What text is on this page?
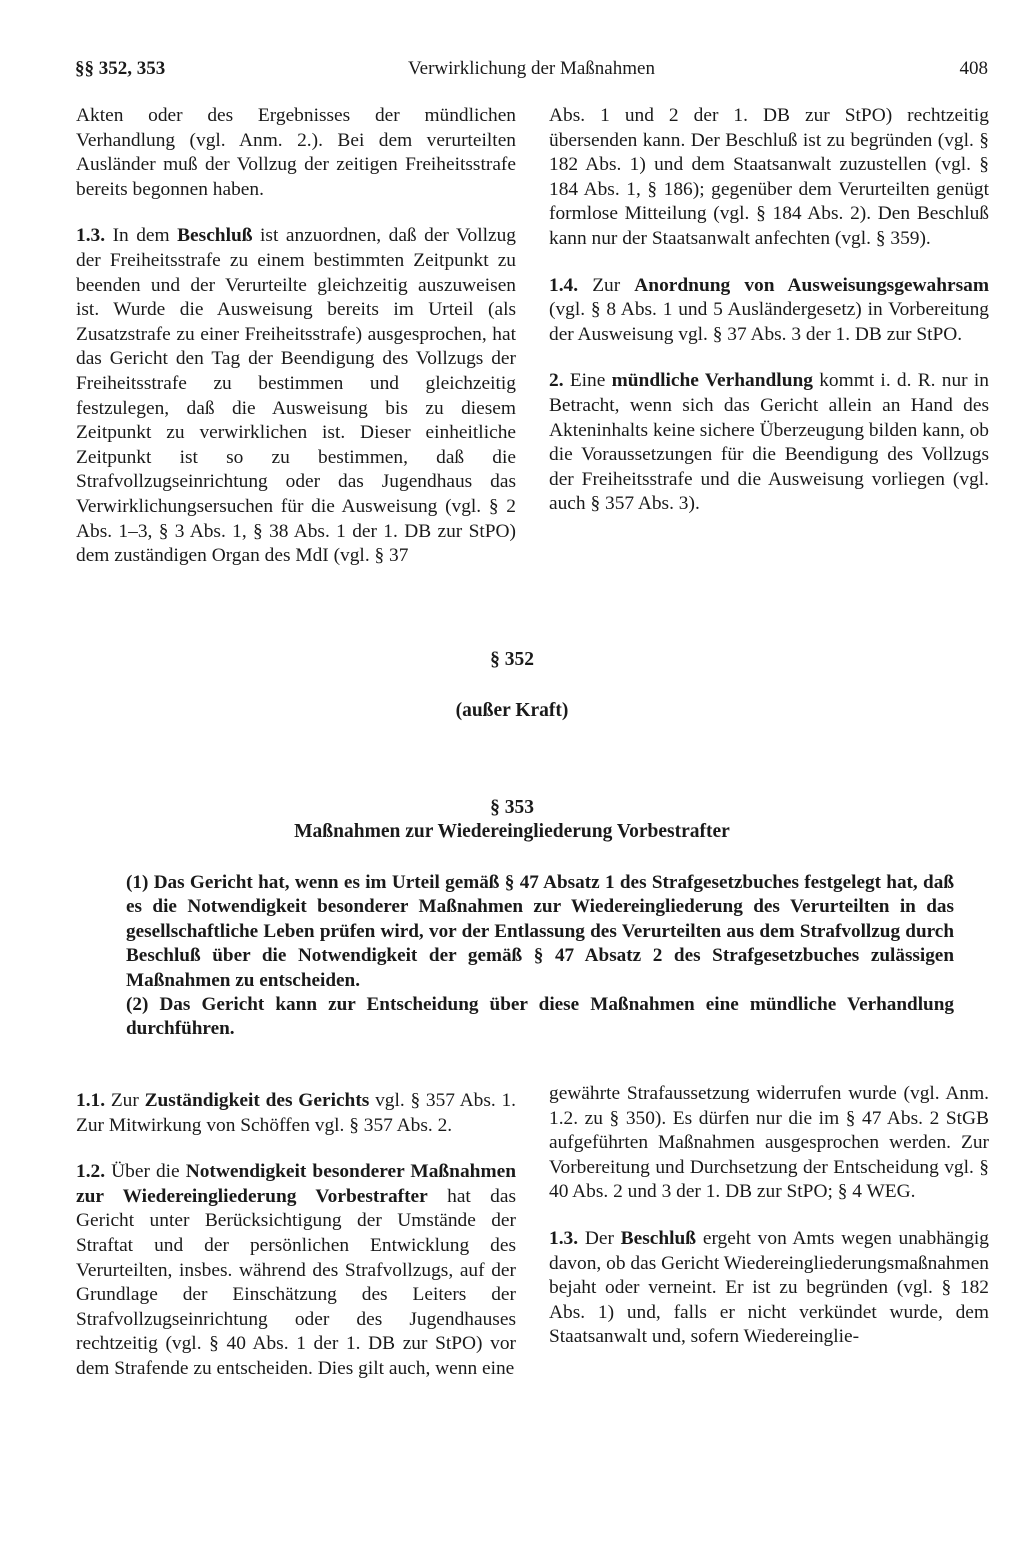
§§ 352, 353	Verwirklichung der Maßnahmen	408

Akten oder des Ergebnisses der mündlichen Verhandlung (vgl. Anm. 2.). Bei dem verurteilten Ausländer muß der Vollzug der zeitigen Freiheitsstrafe bereits begonnen haben.

1.3. In dem Beschluß ist anzuordnen, daß der Vollzug der Freiheitsstrafe zu einem bestimmten Zeitpunkt zu beenden und der Verurteilte gleichzeitig auszuweisen ist. Wurde die Ausweisung bereits im Urteil (als Zusatzstrafe zu einer Freiheitsstrafe) ausgesprochen, hat das Gericht den Tag der Beendigung des Vollzugs der Freiheitsstrafe zu bestimmen und gleichzeitig festzulegen, daß die Ausweisung bis zu diesem Zeitpunkt zu verwirklichen ist. Dieser einheitliche Zeitpunkt ist so zu bestimmen, daß die Strafvollzugseinrichtung oder das Jugendhaus das Verwirklichungsersuchen für die Ausweisung (vgl. § 2 Abs. 1–3, § 3 Abs. 1, § 38 Abs. 1 der 1. DB zur StPO) dem zuständigen Organ des MdI (vgl. § 37

Abs. 1 und 2 der 1. DB zur StPO) rechtzeitig übersenden kann. Der Beschluß ist zu begründen (vgl. § 182 Abs. 1) und dem Staatsanwalt zuzustellen (vgl. § 184 Abs. 1, § 186); gegenüber dem Verurteilten genügt formlose Mitteilung (vgl. § 184 Abs. 2). Den Beschluß kann nur der Staatsanwalt anfechten (vgl. § 359).

1.4. Zur Anordnung von Ausweisungsgewahrsam (vgl. § 8 Abs. 1 und 5 Ausländergesetz) in Vorbereitung der Ausweisung vgl. § 37 Abs. 3 der 1. DB zur StPO.

2. Eine mündliche Verhandlung kommt i. d. R. nur in Betracht, wenn sich das Gericht allein an Hand des Akteninhalts keine sichere Überzeugung bilden kann, ob die Voraussetzungen für die Beendigung des Vollzugs der Freiheitsstrafe und die Ausweisung vorliegen (vgl. auch § 357 Abs. 3).

§ 352
(außer Kraft)
§ 353
Maßnahmen zur Wiedereingliederung Vorbestrafter

(1) Das Gericht hat, wenn es im Urteil gemäß § 47 Absatz 1 des Strafgesetzbuches festgelegt hat, daß es die Notwendigkeit besonderer Maßnahmen zur Wiedereingliederung des Verurteilten in das gesellschaftliche Leben prüfen wird, vor der Entlassung des Verurteilten aus dem Strafvollzug durch Beschluß über die Notwendigkeit der gemäß § 47 Absatz 2 des Strafgesetzbuches zulässigen Maßnahmen zu entscheiden.

(2) Das Gericht kann zur Entscheidung über diese Maßnahmen eine mündliche Verhandlung durchführen.

1.1. Zur Zuständigkeit des Gerichts vgl. § 357 Abs. 1. Zur Mitwirkung von Schöffen vgl. § 357 Abs. 2.

1.2. Über die Notwendigkeit besonderer Maßnahmen zur Wiedereingliederung Vorbestrafter hat das Gericht unter Berücksichtigung der Umstände der Straftat und der persönlichen Entwicklung des Verurteilten, insbes. während des Strafvollzugs, auf der Grundlage der Einschätzung des Leiters der Strafvollzugseinrichtung oder des Jugendhauses rechtzeitig (vgl. § 40 Abs. 1 der 1. DB zur StPO) vor dem Strafende zu entscheiden. Dies gilt auch, wenn eine

gewährte Strafaussetzung widerrufen wurde (vgl. Anm. 1.2. zu § 350). Es dürfen nur die im § 47 Abs. 2 StGB aufgeführten Maßnahmen ausgesprochen werden. Zur Vorbereitung und Durchsetzung der Entscheidung vgl. § 40 Abs. 2 und 3 der 1. DB zur StPO; § 4 WEG.

1.3. Der Beschluß ergeht von Amts wegen unabhängig davon, ob das Gericht Wiedereingliederungsmaßnahmen bejaht oder verneint. Er ist zu begründen (vgl. § 182 Abs. 1) und, falls er nicht verkündet wurde, dem Staatsanwalt und, sofern Wiedereinglie-
